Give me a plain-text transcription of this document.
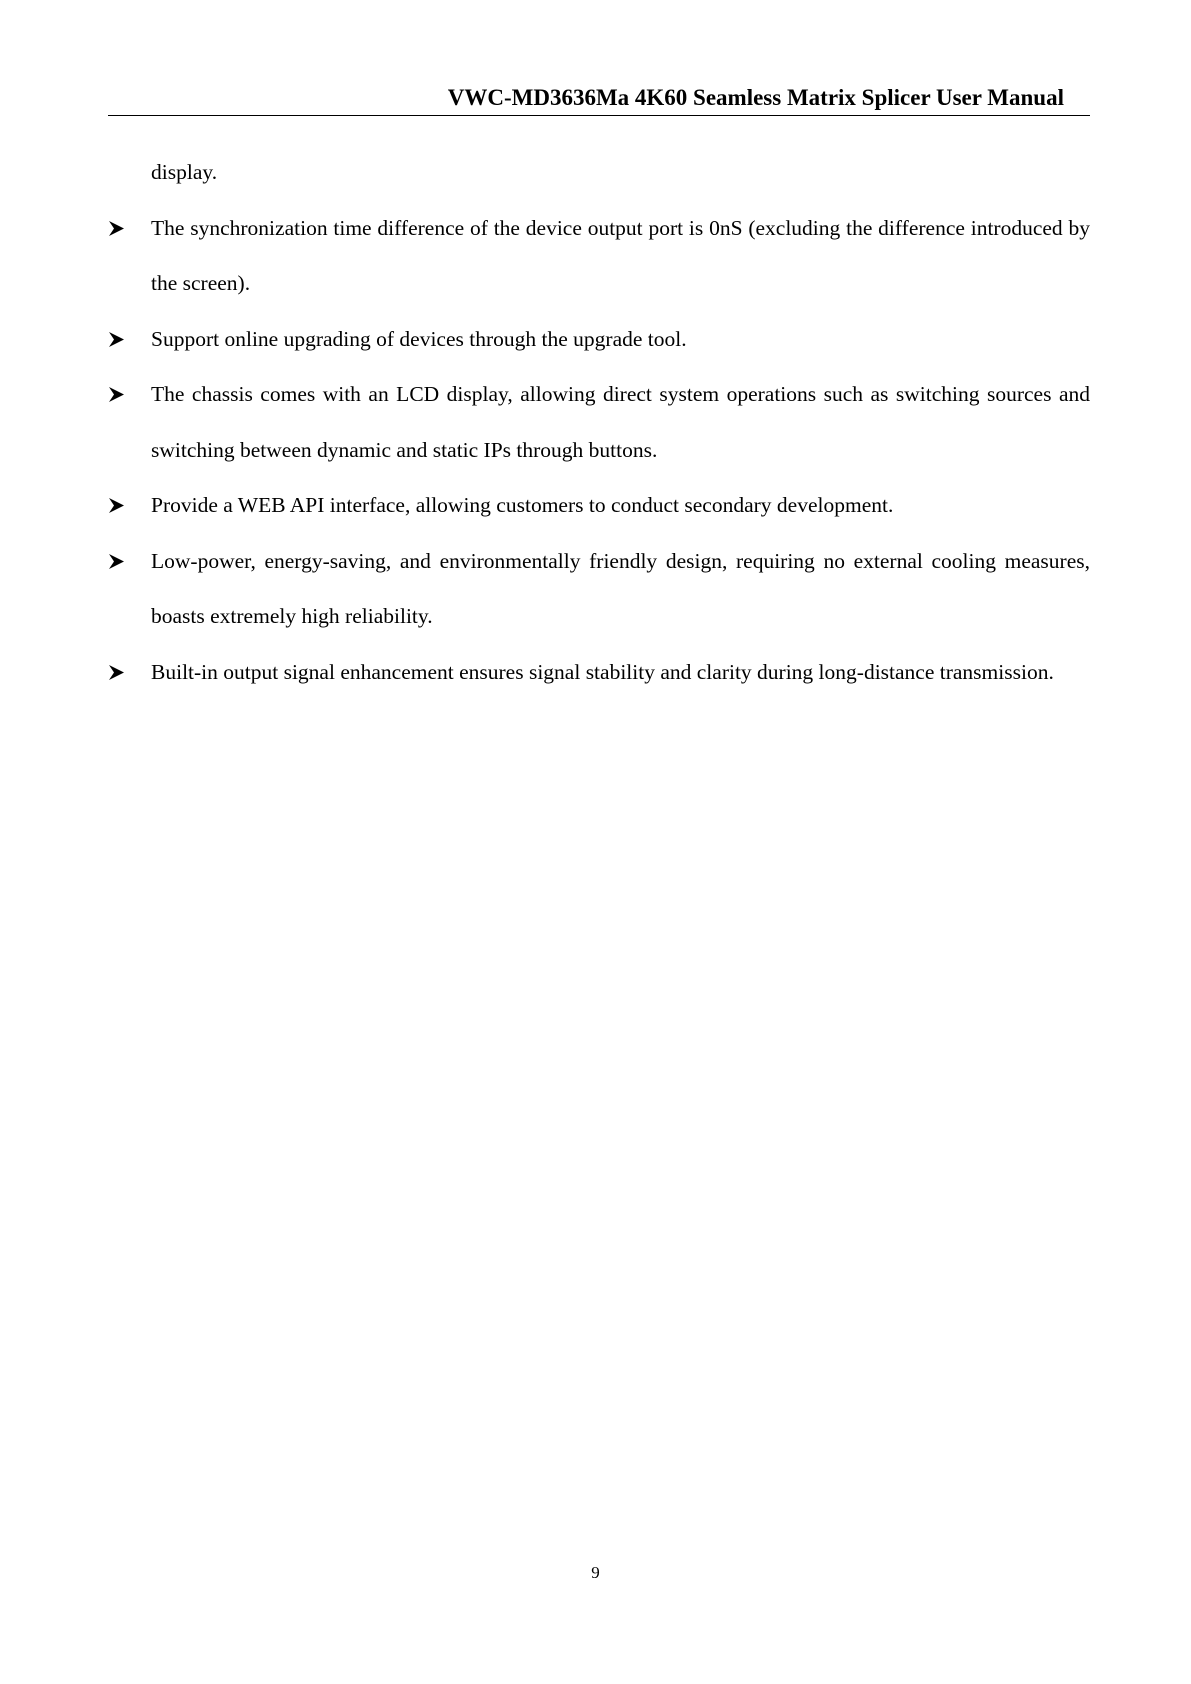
VWC-MD3636Ma 4K60 Seamless Matrix Splicer User Manual

display.

The synchronization time difference of the device output port is 0nS (excluding the difference introduced by the screen).
Support online upgrading of devices through the upgrade tool.
The chassis comes with an LCD display, allowing direct system operations such as switching sources and switching between dynamic and static IPs through buttons.
Provide a WEB API interface, allowing customers to conduct secondary development.
Low-power, energy-saving, and environmentally friendly design, requiring no external cooling measures, boasts extremely high reliability.
Built-in output signal enhancement ensures signal stability and clarity during long-distance transmission.
9
